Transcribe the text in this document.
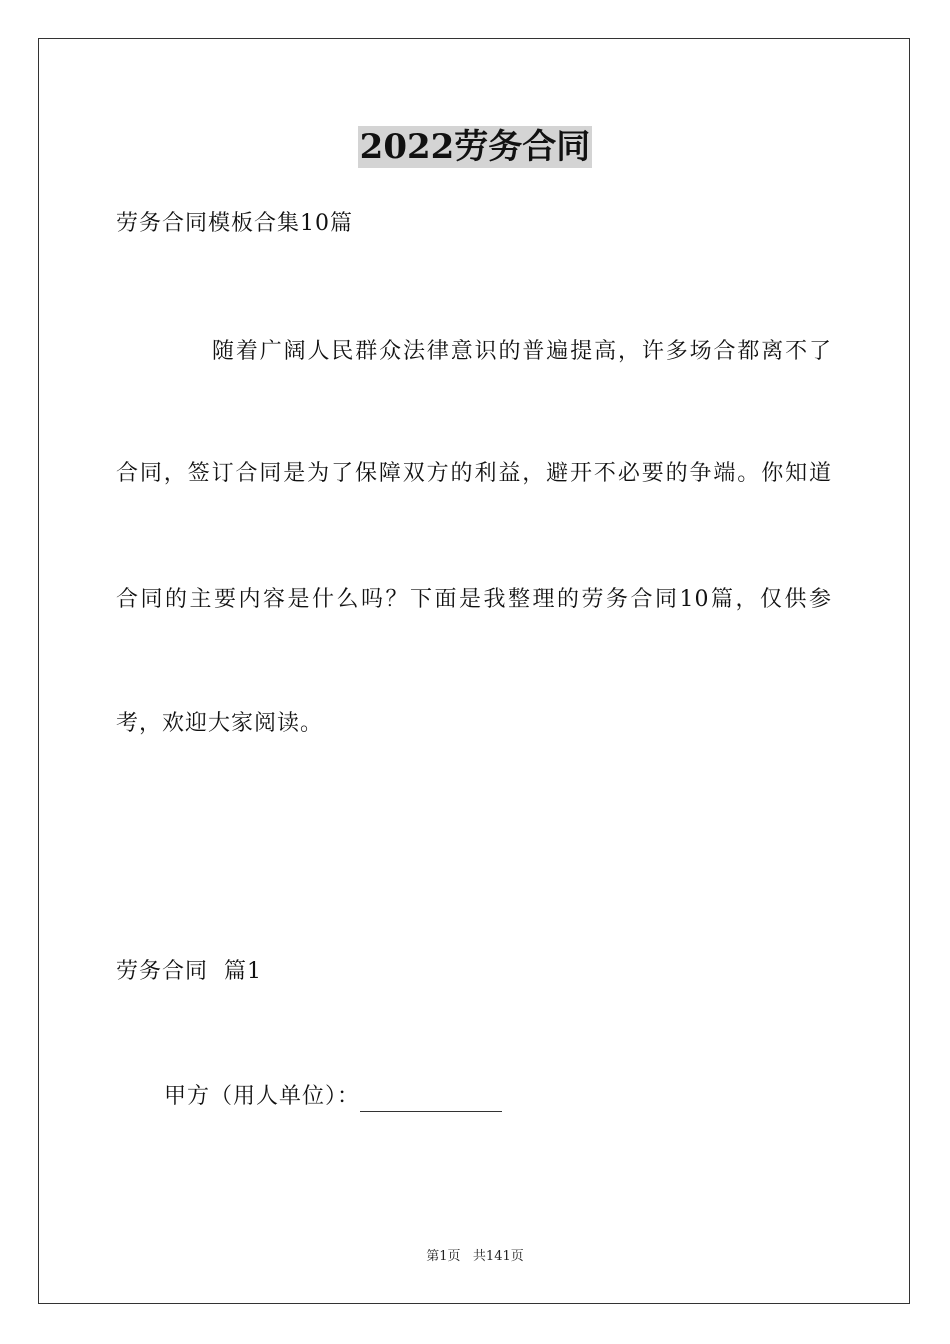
2022劳务合同
劳务合同模板合集10篇
随着广阔人民群众法律意识的普遍提高，许多场合都离不了
合同，签订合同是为了保障双方的利益，避开不必要的争端。你知道
合同的主要内容是什么吗？下面是我整理的劳务合同10篇，仅供参
考，欢迎大家阅读。
劳务合同  篇1
甲方（用人单位）：
第1页   共141页
